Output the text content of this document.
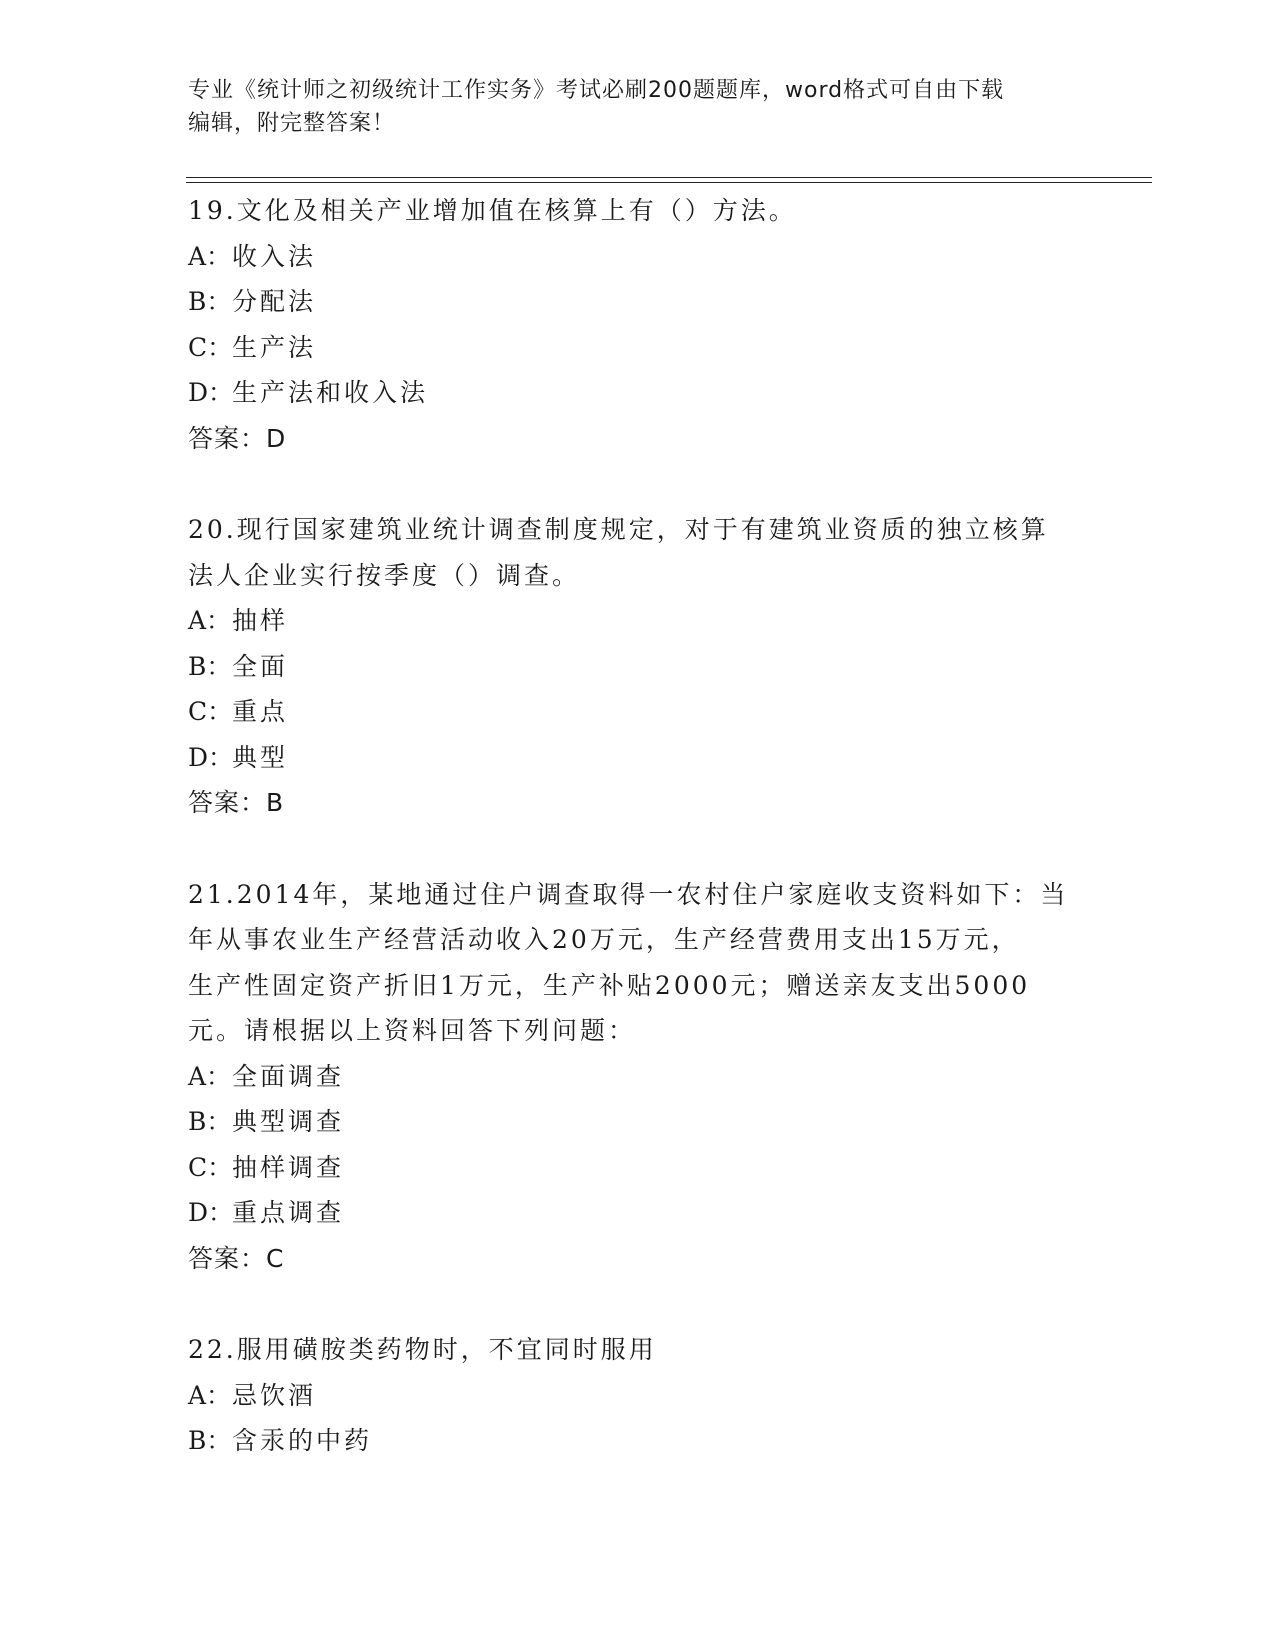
专业《统计师之初级统计工作实务》考试必刷200题题库，word格式可自由下载
编辑，附完整答案！

19.文化及相关产业增加值在核算上有（）方法。

A：收入法

B：分配法

C：生产法

D：生产法和收入法

答案：D

20.现行国家建筑业统计调查制度规定，对于有建筑业资质的独立核算

法人企业实行按季度（）调查。

A：抽样

B：全面

C：重点

D：典型

答案：B

21.2014年，某地通过住户调查取得一农村住户家庭收支资料如下：当

年从事农业生产经营活动收入20万元，生产经营费用支出15万元，

生产性固定资产折旧1万元，生产补贴2000元；赠送亲友支出5000

元。请根据以上资料回答下列问题：

A：全面调查

B：典型调查

C：抽样调查

D：重点调查

答案：C

22.服用磺胺类药物时，不宜同时服用

A：忌饮酒

B：含汞的中药
